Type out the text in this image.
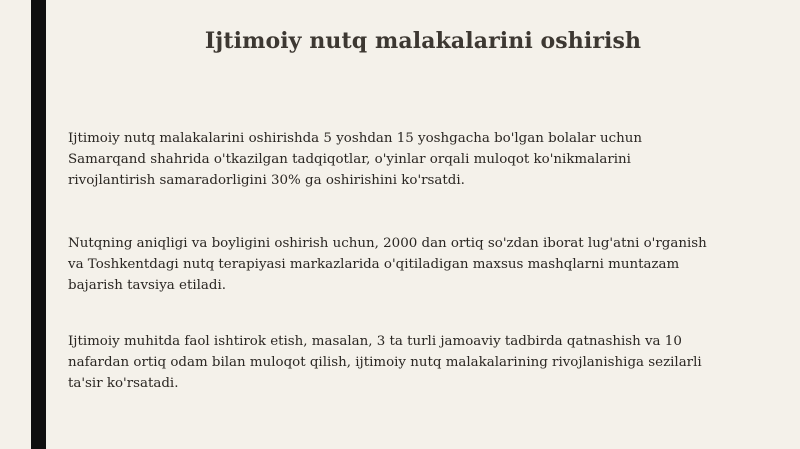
Ijtimoiy nutq malakalarini oshirish

Ijtimoiy nutq malakalarini oshirishda 5 yoshdan 15 yoshgacha bo'lgan bolalar uchun
Samarqand shahrida o'tkazilgan tadqiqotlar, o'yinlar orqali muloqot ko'nikmalarini
rivojlantirish samaradorligini 30% ga oshirishini ko'rsatdi.

Nutqning aniqligi va boyligini oshirish uchun, 2000 dan ortiq so'zdan iborat lug'atni o'rganish
va Toshkentdagi nutq terapiyasi markazlarida o'qitiladigan maxsus mashqlarni muntazam
bajarish tavsiya etiladi.

Ijtimoiy muhitda faol ishtirok etish, masalan, 3 ta turli jamoaviy tadbirda qatnashish va 10
nafardan ortiq odam bilan muloqot qilish, ijtimoiy nutq malakalarining rivojlanishiga sezilarli
ta'sir ko'rsatadi.
